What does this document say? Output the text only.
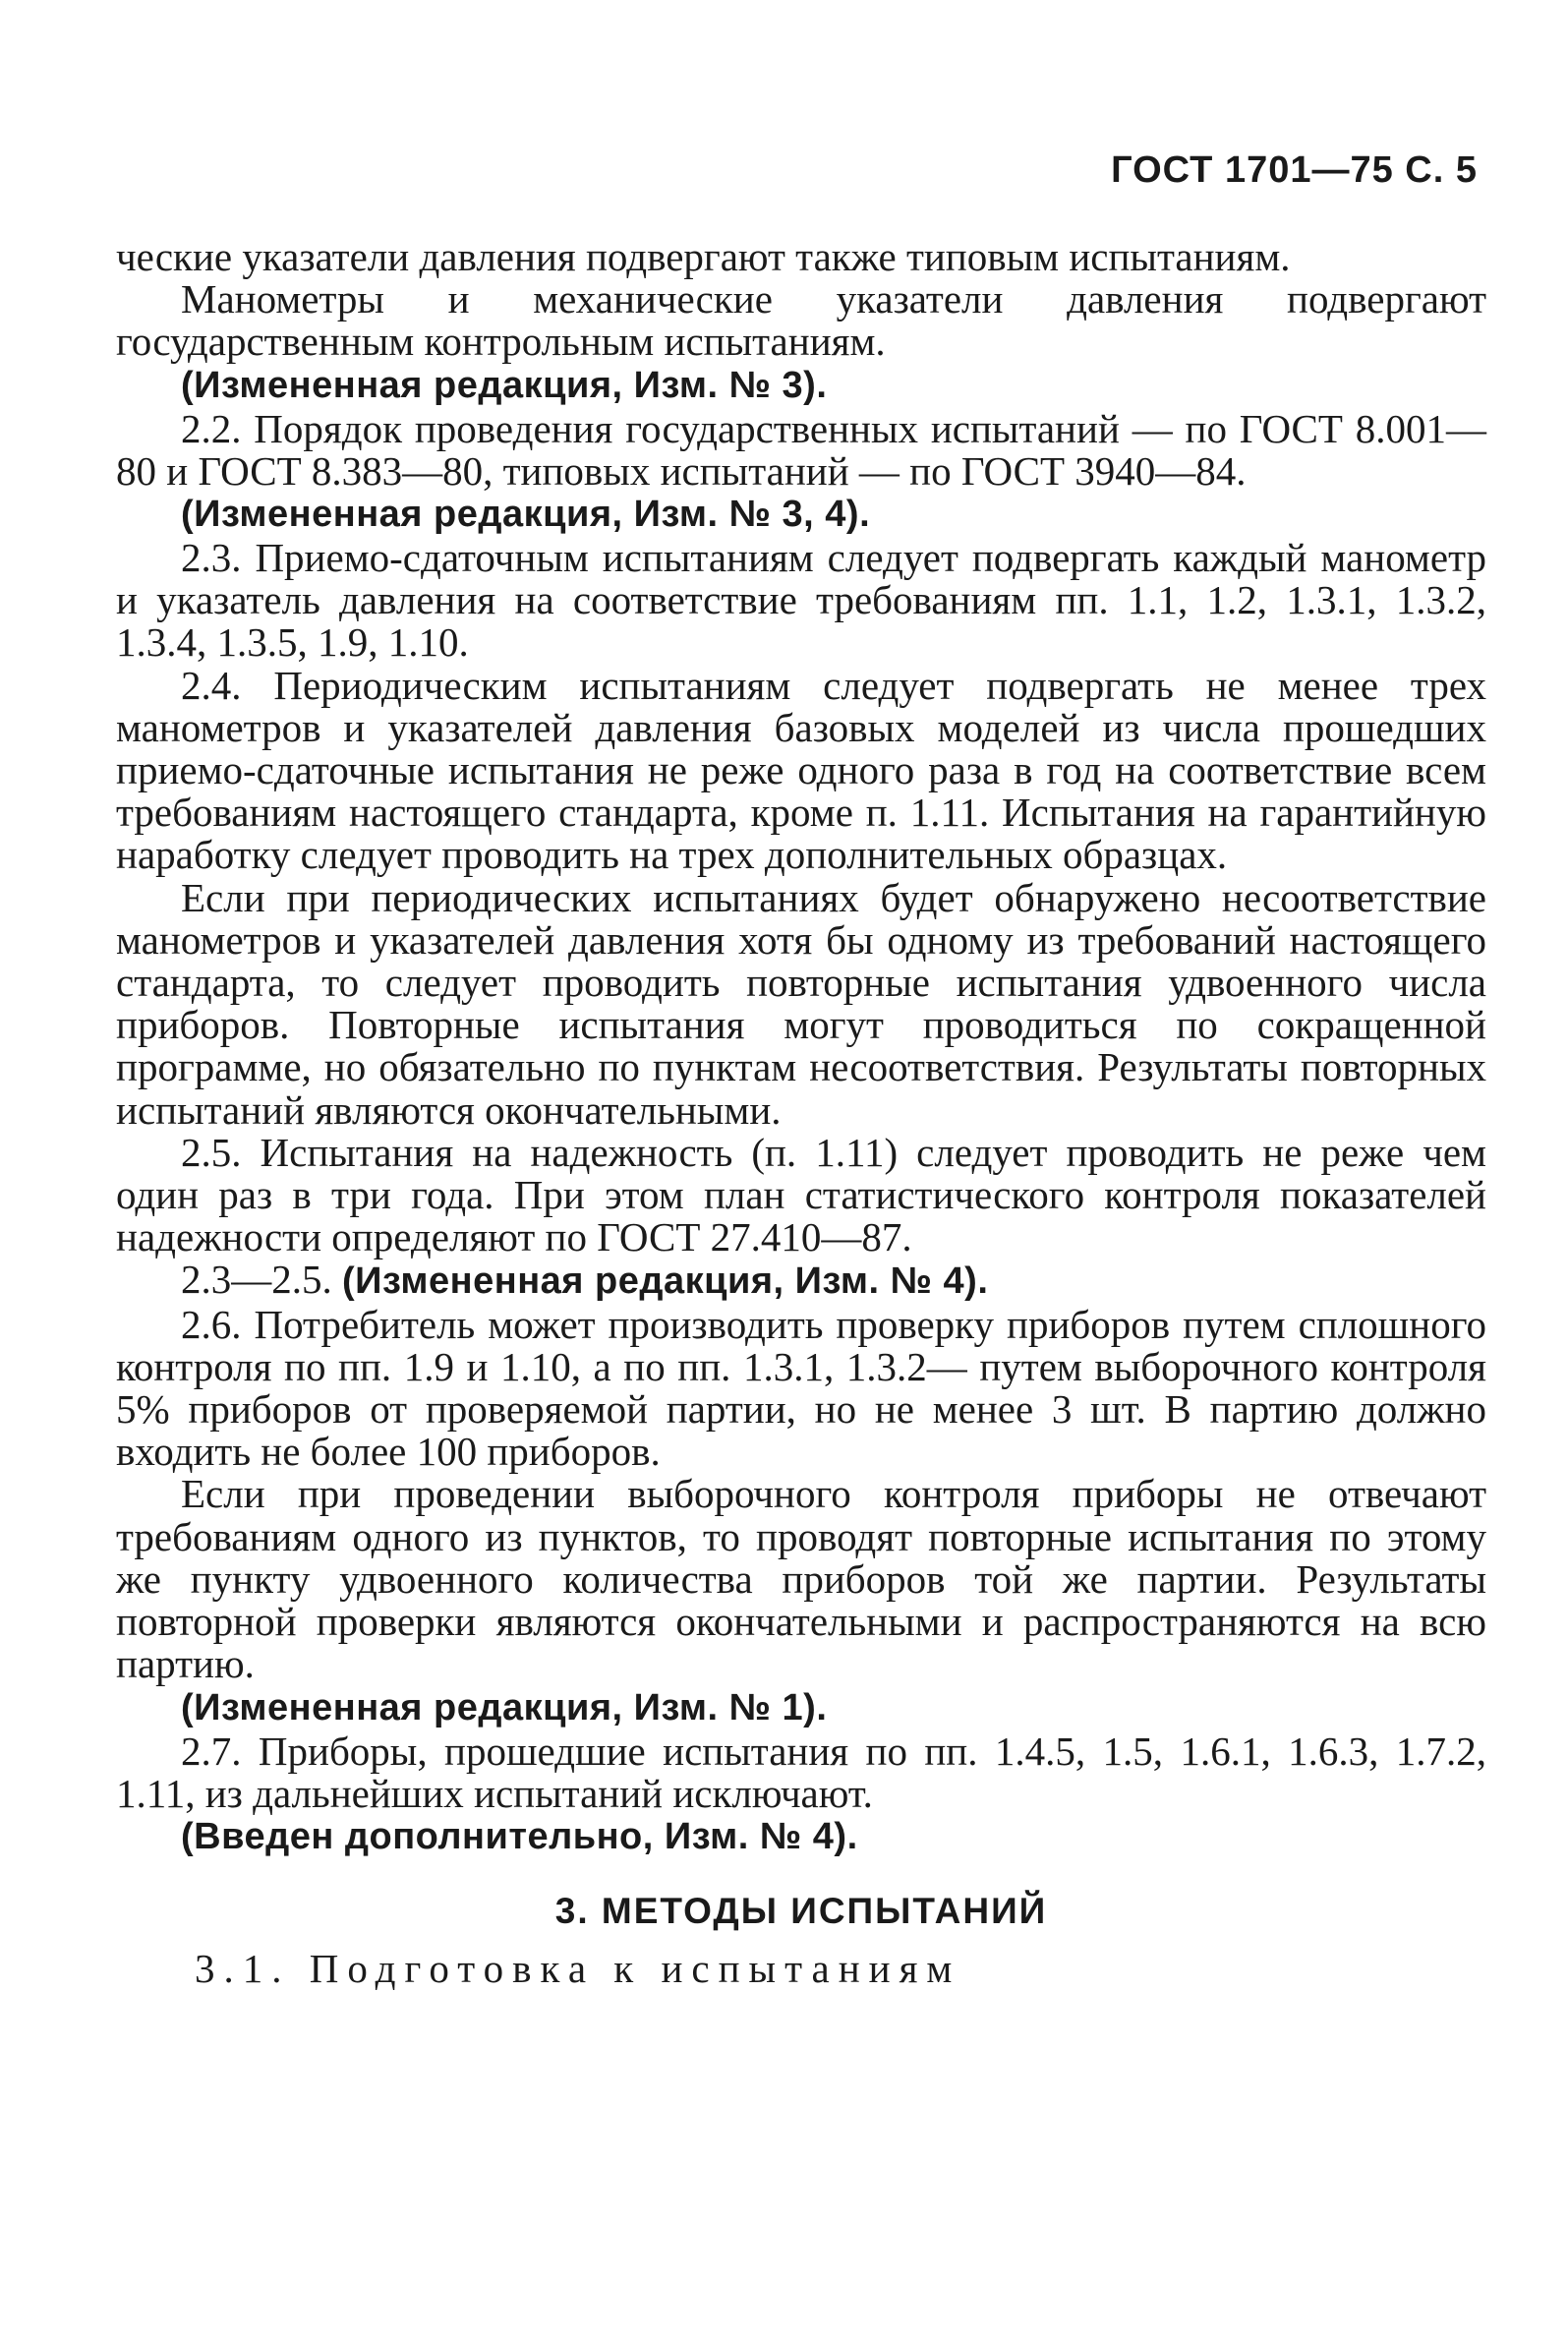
ГОСТ 1701—75 С. 5

ческие указатели давления подвергают также типовым испытаниям.

Манометры и механические указатели давления подвергают государственным контрольным испытаниям.

(Измененная редакция, Изм. № 3).

2.2. Порядок проведения государственных испытаний — по ГОСТ 8.001—80 и ГОСТ 8.383—80, типовых испытаний — по ГОСТ 3940—84.

(Измененная редакция, Изм. № 3, 4).

2.3. Приемо-сдаточным испытаниям следует подвергать каждый манометр и указатель давления на соответствие требованиям пп. 1.1, 1.2, 1.3.1, 1.3.2, 1.3.4, 1.3.5, 1.9, 1.10.

2.4. Периодическим испытаниям следует подвергать не менее трех манометров и указателей давления базовых моделей из числа прошедших приемо-сдаточные испытания не реже одного раза в год на соответствие всем требованиям настоящего стандарта, кроме п. 1.11. Испытания на гарантийную наработку следует проводить на трех дополнительных образцах.

Если при периодических испытаниях будет обнаружено несоответствие манометров и указателей давления хотя бы одному из требований настоящего стандарта, то следует проводить повторные испытания удвоенного числа приборов. Повторные испытания могут проводиться по сокращенной программе, но обязательно по пунктам несоответствия. Результаты повторных испытаний являются окончательными.

2.5. Испытания на надежность (п. 1.11) следует проводить не реже чем один раз в три года. При этом план статистического контроля показателей надежности определяют по ГОСТ 27.410—87.

2.3—2.5. (Измененная редакция, Изм. № 4).

2.6. Потребитель может производить проверку приборов путем сплошного контроля по пп. 1.9 и 1.10, а по пп. 1.3.1, 1.3.2— путем выборочного контроля 5% приборов от проверяемой партии, но не менее 3 шт. В партию должно входить не более 100 приборов.

Если при проведении выборочного контроля приборы не отвечают требованиям одного из пунктов, то проводят повторные испытания по этому же пункту удвоенного количества приборов той же партии. Результаты повторной проверки являются окончательными и распространяются на всю партию.

(Измененная редакция, Изм. № 1).

2.7. Приборы, прошедшие испытания по пп. 1.4.5, 1.5, 1.6.1, 1.6.3, 1.7.2, 1.11, из дальнейших испытаний исключают.

(Введен дополнительно, Изм. № 4).

3. МЕТОДЫ ИСПЫТАНИЙ

3.1. Подготовка к испытаниям
